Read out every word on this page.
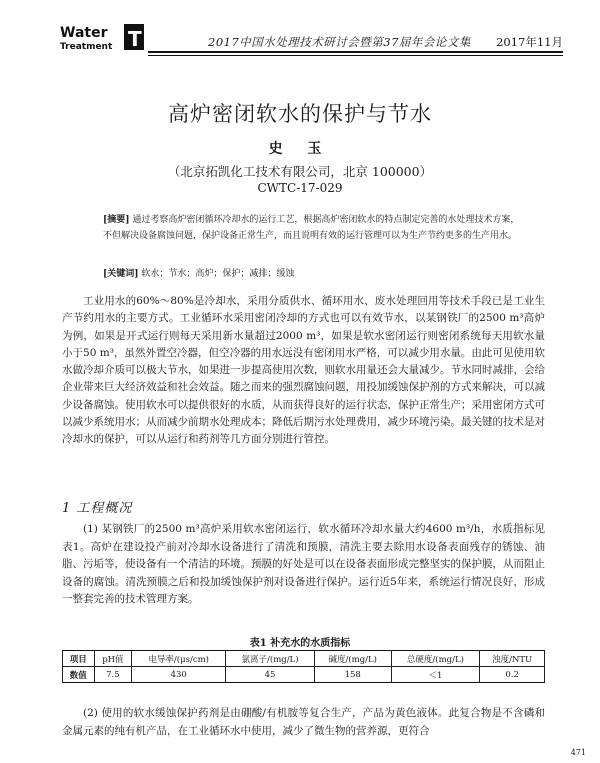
Water
Treatment T	2017中国水处理技术研讨会暨第37届年会论文集 2017年11月
高炉密闭软水的保护与节水
史 玉
（北京拓凯化工技术有限公司，北京 100000）
CWTC-17-029
[摘要] 通过考察高炉密闭循环冷却水的运行工艺，根据高炉密闭软水的特点制定完善的水处理技术方案，不但解决设备腐蚀问题，保护设备正常生产，而且说明有效的运行管理可以为生产节约更多的生产用水。
[关键词] 软水；节水；高炉；保护；减排；缓蚀
工业用水的60%～80%是冷却水，采用分质供水、循环用水、废水处理回用等技术手段已是工业生产节约用水的主要方式。工业循环水采用密闭冷却的方式也可以有效节水，以某钢铁厂的2500 m³高炉为例，如果是开式运行则每天采用新水量超过2000 m³，如果是软水密闭运行则密闭系统每天用软水量小于50 m³，虽然外置空冷器，但空冷器的用水远没有密闭用水严格，可以减少用水量。由此可见使用软水做冷却介质可以极大节水，如果进一步提高使用次数，则软水用量还会大量减少。节水同时减排，会给企业带来巨大经济效益和社会效益。随之而来的强烈腐蚀问题，用投加缓蚀保护剂的方式来解决，可以减少设备腐蚀。使用软水可以提供很好的水质，从而获得良好的运行状态，保护正常生产；采用密闭方式可以减少系统用水；从而减少前期水处理成本；降低后期污水处理费用，减少环境污染。最关键的技术是对冷却水的保护，可以从运行和药剂等几方面分别进行管控。
1 工程概况
(1) 某钢铁厂的2500 m³高炉采用软水密闭运行，软水循环冷却水量大约4600 m³/h，水质指标见表1。高炉在建设投产前对冷却水设备进行了清洗和预膜，清洗主要去除用水设备表面残存的锈蚀、油脂、污垢等，使设备有一个清洁的环境。预膜的好处是可以在设备表面形成完整坚实的保护膜，从而阻止设备的腐蚀。清洗预膜之后和投加缓蚀保护剂对设备进行保护。运行近5年来，系统运行情况良好，形成一整套完善的技术管理方案。
表1 补充水的水质指标
项目	pH值	电导率/(μs/cm)	氯离子/(mg/L)	碱度/(mg/L)	总硬度/(mg/L)	浊度/NTU
数值	7.5	430	45	158	＜1	0.2
(2) 使用的软水缓蚀保护药剂是由硼酸/有机胺等复合生产，产品为黄色液体。此复合物是不含磷和金属元素的纯有机产品，在工业循环水中使用，减少了微生物的营养源，更符合
471
